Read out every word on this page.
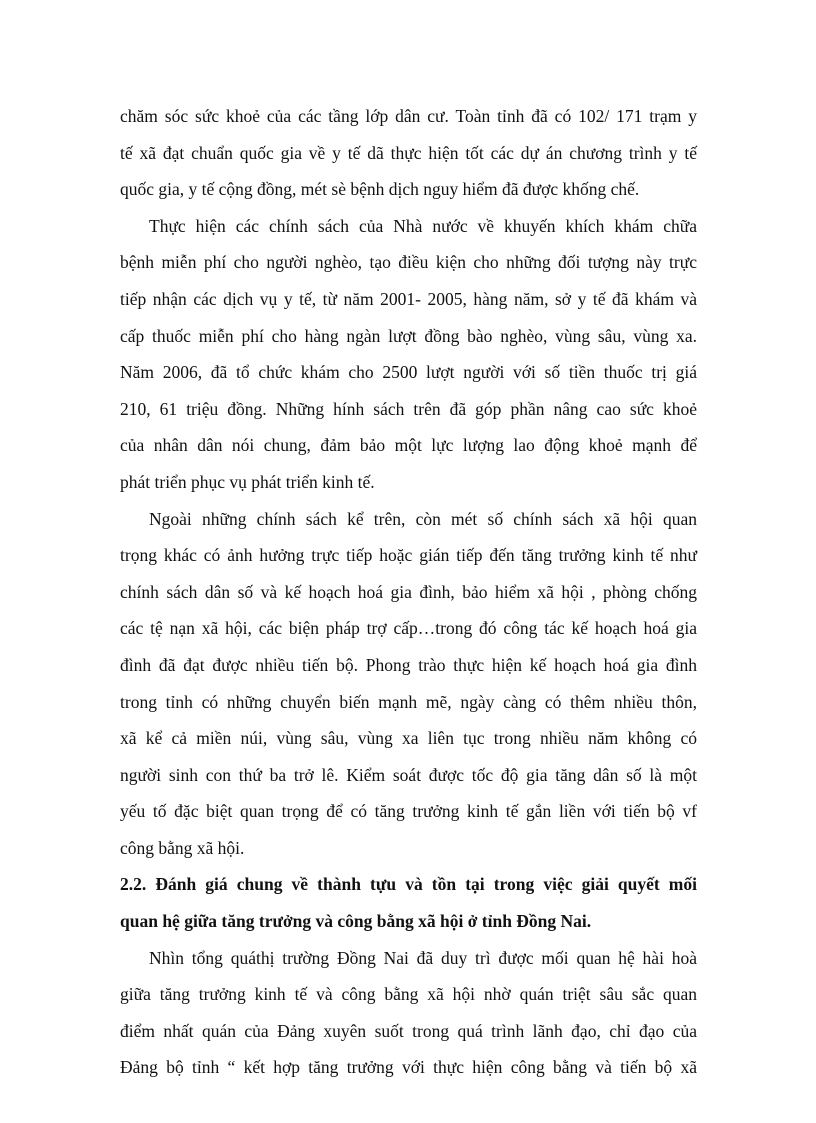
chăm sóc sức khoẻ của các tầng lớp dân cư. Toàn tỉnh đã có 102/ 171 trạm y
tế xã đạt chuẩn quốc gia về y tế dã thực hiện tốt các dự án chương trình y tế
quốc gia, y tế cộng đồng, mét sè bệnh dịch nguy hiểm đã được khống chế.
Thực hiện các chính sách của Nhà nước về khuyến khích khám chữa
bệnh miễn phí cho người nghèo, tạo điều kiện cho những đối tượng này trực
tiếp nhận các dịch vụ y tế, từ năm 2001- 2005, hàng năm, sở y tế đã khám và
cấp thuốc miễn phí cho hàng ngàn lượt đồng bào nghèo, vùng sâu, vùng xa.
Năm 2006, đã tổ chức khám cho 2500 lượt người với số tiền thuốc trị giá
210, 61 triệu đồng. Những hính sách trên đã góp phần nâng cao sức khoẻ
của nhân dân nói chung, đảm bảo một lực lượng lao động khoẻ mạnh để
phát triển phục vụ phát triển kinh tế.
Ngoài những chính sách kể trên, còn mét số chính sách xã hội quan
trọng khác có ảnh hưởng trực tiếp hoặc gián tiếp đến tăng trưởng kinh tế như
chính sách dân số và kế hoạch hoá gia đình, bảo hiểm xã hội , phòng chống
các tệ nạn xã hội, các biện pháp trợ cấp…trong đó công tác kế hoạch hoá gia
đình đã đạt được nhiều tiến bộ. Phong trào thực hiện kế hoạch hoá gia đình
trong tỉnh có những chuyển biến mạnh mẽ, ngày càng có thêm nhiều thôn,
xã kể cả miền núi, vùng sâu, vùng xa liên tục trong nhiều năm không có
người sinh con thứ ba trở lê. Kiểm soát được tốc độ gia tăng dân số là một
yếu tố đặc biệt quan trọng để có tăng trưởng kinh tế gắn liền với tiến bộ vf
công bằng xã hội.
2.2. Đánh giá chung về thành tựu và tồn tại trong việc giải quyết mối
quan hệ giữa tăng trưởng và công bằng xã hội ở tỉnh Đồng Nai.
Nhìn tổng quáthị trường Đồng Nai đã duy trì được mối quan hệ hài hoà
giữa tăng trưởng kinh tế và công bằng xã hội nhờ quán triệt sâu sắc quan
điểm nhất quán của Đảng xuyên suốt trong quá trình lãnh đạo, chỉ đạo của
Đảng bộ tỉnh “ kết hợp tăng trưởng với thực hiện công bằng và tiến bộ xã
